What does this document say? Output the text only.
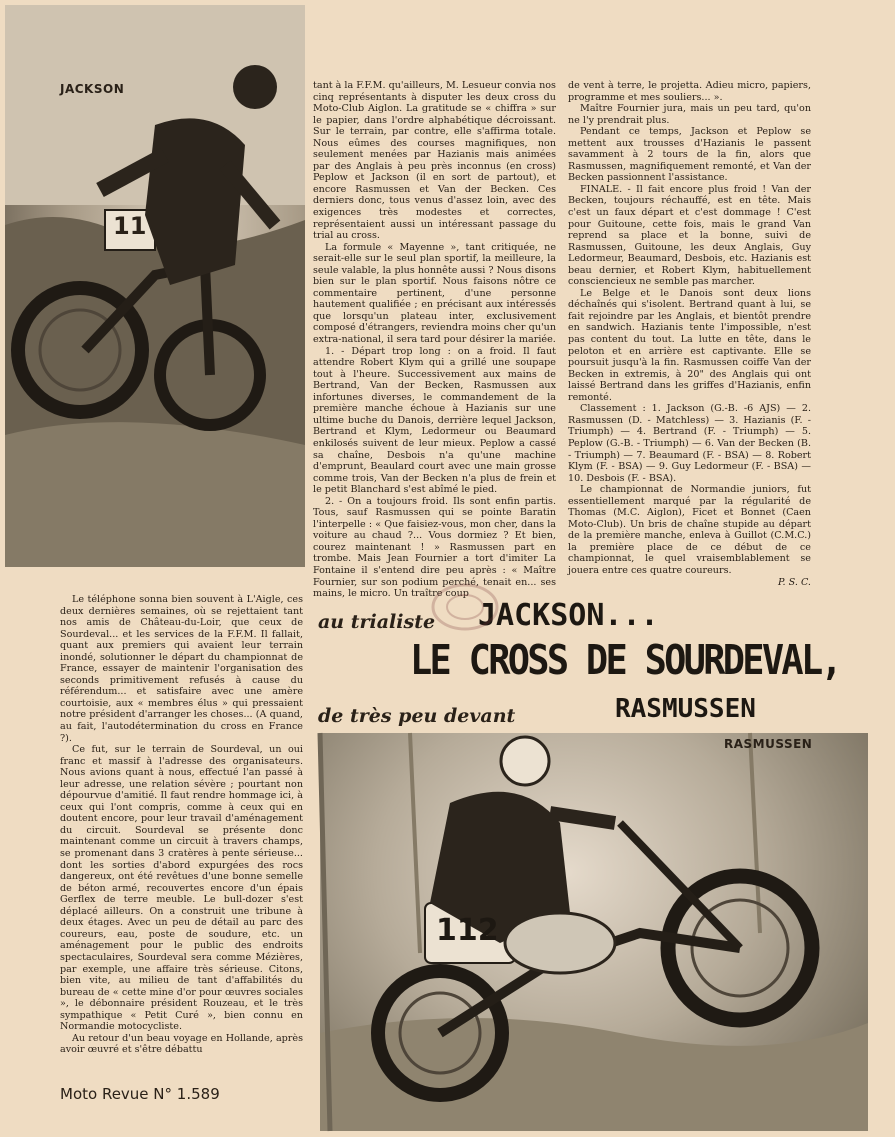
JACKSON
11

tant à la F.F.M. qu'ailleurs, M. Lesueur convia nos cinq représentants à disputer les deux cross du Moto-Club Aiglon. La gratitude se « chiffra » sur le papier, dans l'ordre alphabétique décroissant. Sur le terrain, par contre, elle s'affirma totale. Nous eûmes des courses magnifiques, non seulement menées par Hazianis mais animées par des Anglais à peu près inconnus (en cross) Peplow et Jackson (il en sort de partout), et encore Rasmussen et Van der Becken. Ces derniers donc, tous venus d'assez loin, avec des exigences très modestes et correctes, représentaient aussi un intéressant passage du trial au cross.

La formule « Mayenne », tant critiquée, ne serait-elle sur le seul plan sportif, la meilleure, la seule valable, la plus honnête aussi ? Nous disons bien sur le plan sportif. Nous faisons nôtre ce commentaire pertinent, d'une personne hautement qualifiée ; en précisant aux intéressés que lorsqu'un plateau inter, exclusivement composé d'étrangers, reviendra moins cher qu'un extra-national, il sera tard pour désirer la mariée.

1. - Départ trop long : on a froid. Il faut attendre Robert Klym qui a grillé une soupape tout à l'heure. Successivement aux mains de Bertrand, Van der Becken, Rasmussen aux infortunes diverses, le commandement de la première manche échoue à Hazianis sur une ultime buche du Danois, derrière lequel Jackson, Bertrand et Klym, Ledormeur ou Beaumard enkilosés suivent de leur mieux. Peplow a cassé sa chaîne, Desbois n'a qu'une machine d'emprunt, Beaulard court avec une main grosse comme trois, Van der Becken n'a plus de frein et le petit Blanchard s'est abîmé le pied.

2. - On a toujours froid. Ils sont enfin partis. Tous, sauf Rasmussen qui se pointe Baratin l'interpelle : « Que faisiez-vous, mon cher, dans la voiture au chaud ?... Vous dormiez ? Et bien, courez maintenant ! » Rasmussen part en trombe. Mais Jean Fournier a tort d'imiter La Fontaine il s'entend dire peu après : « Maître Fournier, sur son podium perché, tenait en... ses mains, le micro. Un traître coup

de vent à terre, le projetta. Adieu micro, papiers, programme et mes souliers... ».

Maître Fournier jura, mais un peu tard, qu'on ne l'y prendrait plus.

Pendant ce temps, Jackson et Peplow se mettent aux trousses d'Hazianis le passent savamment à 2 tours de la fin, alors que Rasmussen, magnifiquement remonté, et Van der Becken passionnent l'assistance.

FINALE. - Il fait encore plus froid ! Van der Becken, toujours réchauffé, est en tête. Mais c'est un faux départ et c'est dommage ! C'est pour Guitoune, cette fois, mais le grand Van reprend sa place et la bonne, suivi de Rasmussen, Guitoune, les deux Anglais, Guy Ledormeur, Beaumard, Desbois, etc. Hazianis est beau dernier, et Robert Klym, habituellement consciencieux ne semble pas marcher.

Le Belge et le Danois sont deux lions déchaînés qui s'isolent. Bertrand quant à lui, se fait rejoindre par les Anglais, et bientôt prendre en sandwich. Hazianis tente l'impossible, n'est pas content du tout. La lutte en tête, dans le peloton et en arrière est captivante. Elle se poursuit jusqu'à la fin. Rasmussen coiffe Van der Becken in extremis, à 20" des Anglais qui ont laissé Bertrand dans les griffes d'Hazianis, enfin remonté.

Classement : 1. Jackson (G.-B. -6 AJS) — 2. Rasmussen (D. - Matchless) — 3. Hazianis (F. - Triumph) — 4. Bertrand (F. - Triumph) — 5. Peplow (G.-B. - Triumph) — 6. Van der Becken (B. - Triumph) — 7. Beaumard (F. - BSA) — 8. Robert Klym (F. - BSA) — 9. Guy Ledormeur (F. - BSA) — 10. Desbois (F. - BSA).

Le championnat de Normandie juniors, fut essentiellement marqué par la régularité de Thomas (M.C. Aiglon), Ficet et Bonnet (Caen Moto-Club). Un bris de chaîne stupide au départ de la première manche, enleva à Guillot (C.M.C.) la première place de ce début de ce championnat, le quel vraisemblablement se jouera entre ces quatre coureurs.

P. S. C.

au trialiste JACKSON...
LE CROSS DE SOURDEVAL,
de très peu devant	RASMUSSEN

Le téléphone sonna bien souvent à L'Aigle, ces deux dernières semaines, où se rejettaient tant nos amis de Château-du-Loir, que ceux de Sourdeval... et les services de la F.F.M. Il fallait, quant aux premiers qui avaient leur terrain inondé, solutionner le départ du championnat de France, essayer de maintenir l'organisation des seconds primitivement refusés à cause du référendum... et satisfaire avec une amère courtoisie, aux « membres élus » qui pressaient notre président d'arranger les choses... (A quand, au fait, l'autodétermination du cross en France ?).

Ce fut, sur le terrain de Sourdeval, un oui franc et massif à l'adresse des organisateurs. Nous avions quant à nous, effectué l'an passé à leur adresse, une relation sévère ; pourtant non dépourvue d'amitié. Il faut rendre hommage ici, à ceux qui l'ont compris, comme à ceux qui en doutent encore, pour leur travail d'aménagement du circuit. Sourdeval se présente donc maintenant comme un circuit à travers champs, se promenant dans 3 cratères à pente sérieuse... dont les sorties d'abord expurgées des rocs dangereux, ont été revêtues d'une bonne semelle de béton armé, recouvertes encore d'un épais Gerflex de terre meuble. Le bull-dozer s'est déplacé ailleurs. On a construit une tribune à deux étages. Avec un peu de détail au parc des coureurs, eau, poste de soudure, etc. un aménagement pour le public des endroits spectaculaires, Sourdeval sera comme Mézières, par exemple, une affaire très sérieuse. Citons, bien vite, au milieu de tant d'affabilités du bureau de « cette mine d'or pour œuvres sociales », le débonnaire président Rouzeau, et le très sympathique « Petit Curé », bien connu en Normandie motocycliste.

Au retour d'un beau voyage en Hollande, après avoir œuvré et s'être débattu

RASMUSSEN
112
Moto Revue N° 1.589
